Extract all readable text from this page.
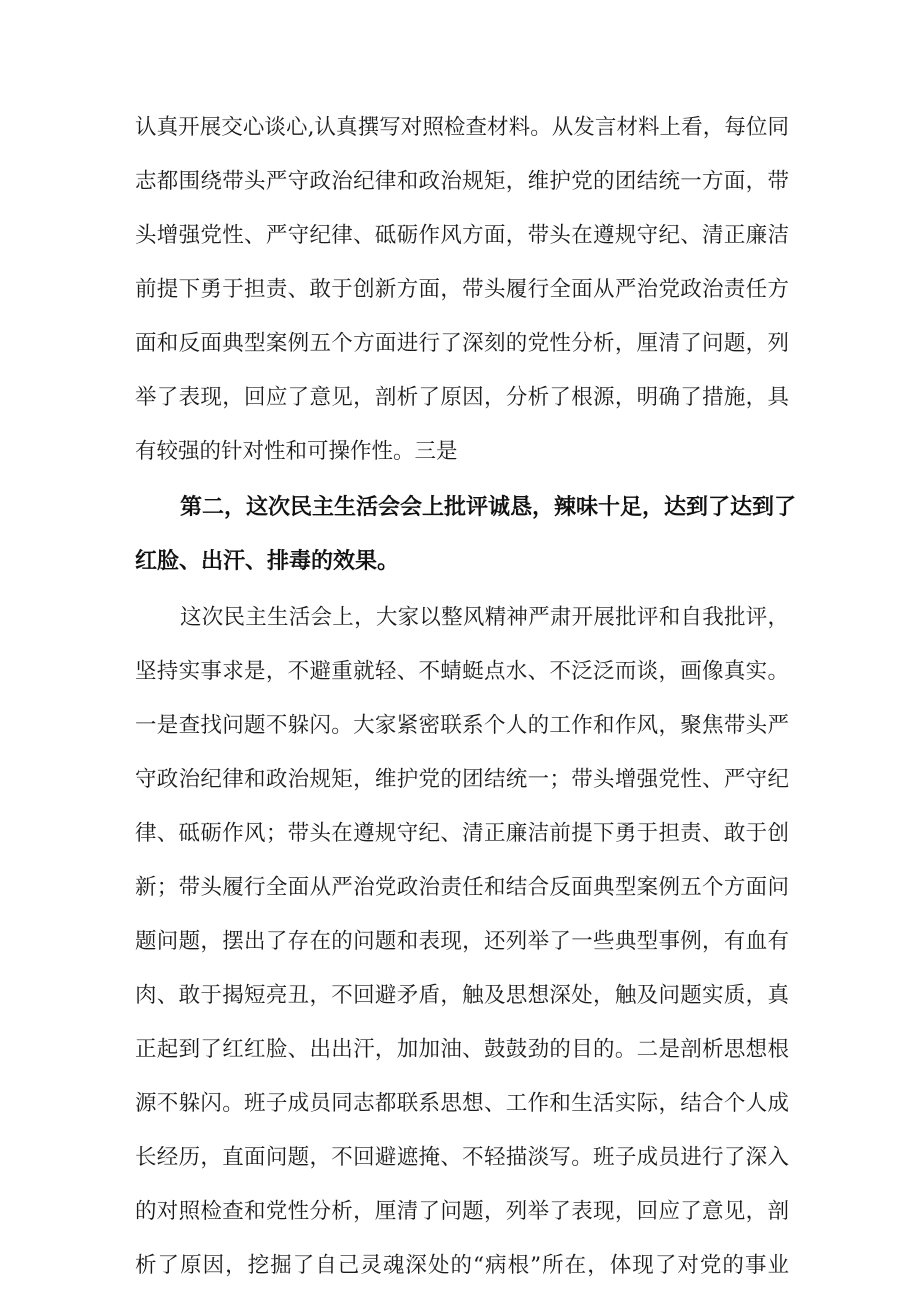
认真开展交心谈心,认真撰写对照检查材料。从发言材料上看，每位同
志都围绕带头严守政治纪律和政治规矩，维护党的团结统一方面，带
头增强党性、严守纪律、砥砺作风方面，带头在遵规守纪、清正廉洁
前提下勇于担责、敢于创新方面，带头履行全面从严治党政治责任方
面和反面典型案例五个方面进行了深刻的党性分析，厘清了问题，列
举了表现，回应了意见，剖析了原因，分析了根源，明确了措施，具
有较强的针对性和可操作性。三是
第二，这次民主生活会会上批评诚恳，辣味十足，达到了达到了
红脸、出汗、排毒的效果。
这次民主生活会上，大家以整风精神严肃开展批评和自我批评，
坚持实事求是，不避重就轻、不蜻蜓点水、不泛泛而谈，画像真实。
一是查找问题不躲闪。大家紧密联系个人的工作和作风，聚焦带头严
守政治纪律和政治规矩，维护党的团结统一；带头增强党性、严守纪
律、砥砺作风；带头在遵规守纪、清正廉洁前提下勇于担责、敢于创
新；带头履行全面从严治党政治责任和结合反面典型案例五个方面问
题问题，摆出了存在的问题和表现，还列举了一些典型事例，有血有
肉、敢于揭短亮丑，不回避矛盾，触及思想深处，触及问题实质，真
正起到了红红脸、出出汗，加加油、鼓鼓劲的目的。二是剖析思想根
源不躲闪。班子成员同志都联系思想、工作和生活实际，结合个人成
长经历，直面问题，不回避遮掩、不轻描淡写。班子成员进行了深入
的对照检查和党性分析，厘清了问题，列举了表现，回应了意见，剖
析了原因，挖掘了自己灵魂深处的“病根”所在，体现了对党的事业
